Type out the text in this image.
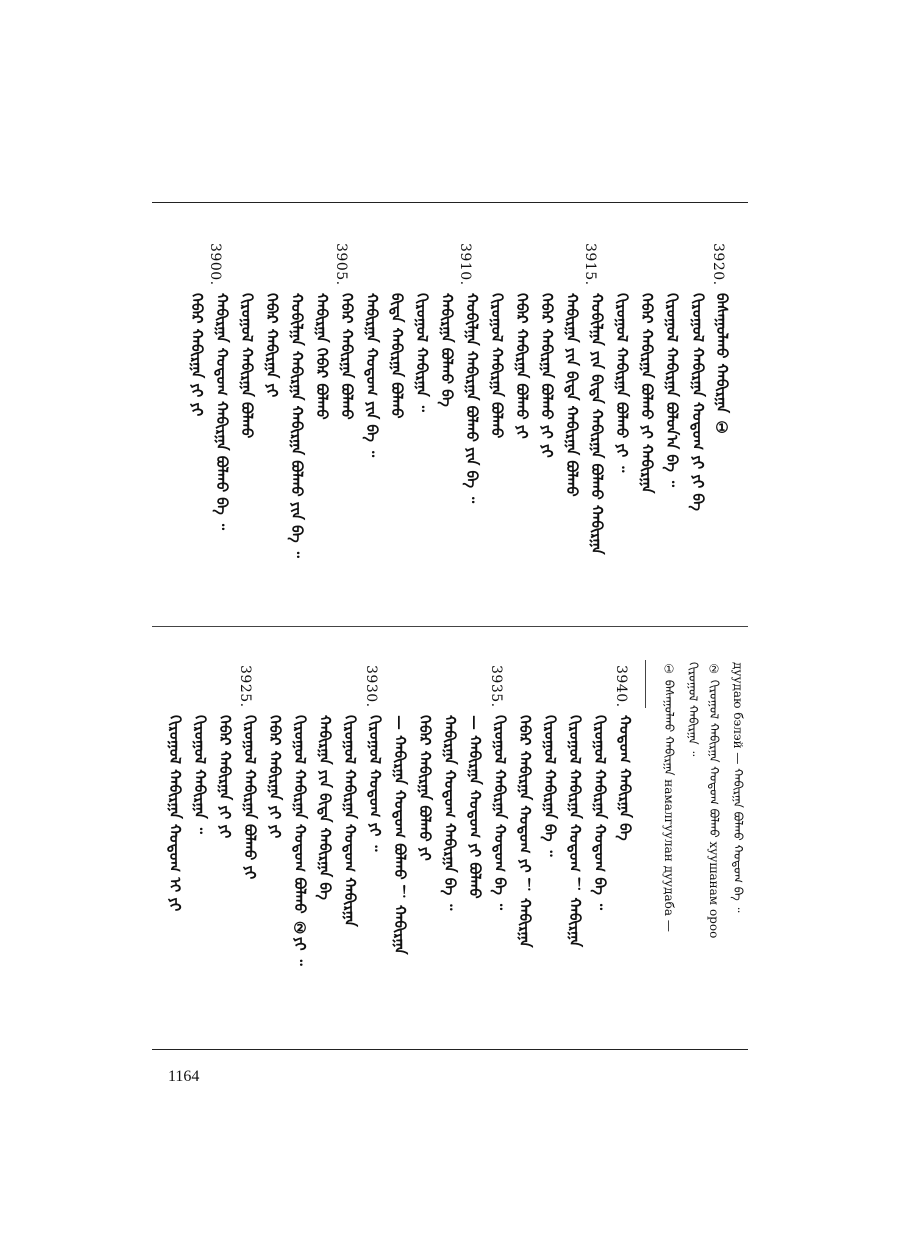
3920.
3915.
3910.
3905.
3900.
ᠪᠠᠰᠠᠭᠤᠯᠬᠤ ᠬᠠᠪᠢᠷᠭᠠ ①
ᠬᠢᠷᠤᠭᠤᠯ ᠬᠠᠪᠢᠷᠭᠠ ᠬᠤᠳᠤᠭ ᠶᠢ ᠶᠢ ᠪᠡ
ᠬᠢᠷᠤᠭᠤᠯ ᠬᠠᠪᠢᠷᠭᠠ ᠪᠣᠯᠤᠨ᠎ᠠ ᠪᠡ ᠃
ᠬᠡᠪᠡᠷ ᠬᠠᠪᠢᠷᠭᠠ ᠪᠣᠯᠬᠤ ᠶᠢ ᠬᠠᠪᠢᠷᠭᠠ
ᠬᠢᠷᠤᠭᠤᠯ ᠬᠠᠪᠢᠷᠭᠠ ᠪᠣᠯᠬᠤ ᠶᠢ ᠃
ᠬᠤᠪᠢᠯᠭᠠ ᠶᠢᠨ ᠪᠢᠳᠡ ᠬᠠᠪᠢᠷᠭᠠ ᠪᠣᠯᠬᠤ ᠬᠠᠪᠢᠷᠭᠠ
ᠬᠠᠪᠢᠷᠭᠠ ᠶᠢᠨ ᠪᠢᠳᠡ ᠬᠠᠪᠢᠷᠭᠠ ᠪᠣᠯᠬᠤ
ᠬᠡᠪᠡᠷ ᠬᠠᠪᠢᠷᠭᠠ ᠪᠣᠯᠬᠤ ᠶᠢ ᠶᠢ
ᠬᠡᠪᠡᠷ ᠬᠠᠪᠢᠷᠭᠠ ᠪᠣᠯᠬᠤ ᠶᠢ
ᠬᠢᠷᠤᠭᠤᠯ ᠬᠠᠪᠢᠷᠭᠠ ᠪᠣᠯᠬᠤ
ᠬᠤᠪᠢᠯᠭᠠ ᠬᠠᠪᠢᠷᠭᠠ ᠪᠣᠯᠬᠤ ᠶᠢᠨ ᠪᠡ ᠃
ᠬᠠᠪᠢᠷᠭᠠ ᠪᠣᠯᠬᠤ ᠪᠡ
ᠬᠢᠷᠤᠭᠤᠯ ᠬᠠᠪᠢᠷᠭᠠ ᠃
ᠪᠢᠳᠡ ᠬᠠᠪᠢᠷᠭᠠ ᠪᠣᠯᠬᠤ
ᠬᠠᠪᠢᠷᠭᠠ ᠬᠤᠳᠤᠭ ᠶᠢᠨ ᠪᠡ ᠃
ᠬᠡᠪᠡᠷ ᠬᠠᠪᠢᠷᠭᠠ ᠪᠣᠯᠬᠤ
ᠬᠠᠪᠢᠷᠭᠠ ᠬᠡᠪᠡᠷ ᠪᠣᠯᠬᠤ
ᠬᠤᠪᠢᠯᠭᠠ ᠬᠠᠪᠢᠷᠭᠠ ᠬᠠᠪᠢᠷᠭᠠ ᠪᠣᠯᠬᠤ ᠶᠢᠨ ᠪᠡ ᠃
ᠬᠡᠪᠡᠷ ᠬᠠᠪᠢᠷᠭᠠ ᠶᠢ
ᠬᠢᠷᠤᠭᠤᠯ ᠬᠠᠪᠢᠷᠭᠠ ᠪᠣᠯᠬᠤ
ᠬᠠᠪᠢᠷᠭᠠ ᠬᠤᠳᠤᠭ ᠬᠠᠪᠢᠷᠭᠠ ᠪᠣᠯᠬᠤ ᠪᠡ ᠃
ᠬᠡᠪᠡᠷ ᠬᠠᠪᠢᠷᠭᠠ ᠶᠢ ᠶᠢ
дуудаю бэлэй — ᠬᠠᠪᠢᠷᠭᠠ ᠪᠣᠯᠬᠤ ᠬᠤᠳᠤᠭ ᠪᠡ ᠃
② ᠬᠢᠷᠤᠭᠤᠯ ᠬᠠᠪᠢᠷᠭᠠ ᠬᠤᠳᠤᠭ ᠪᠣᠯᠬᠤ хуушанам ороо
ᠬᠢᠷᠤᠭᠤᠯ ᠬᠠᠪᠢᠷᠭᠠ ᠃
① ᠪᠠᠰᠠᠭᠤᠯᠬᠤ ᠬᠠᠪᠢᠷᠭᠠ намалгуулан дуудаба —
3940.
3935.
3930.
3925.
ᠬᠤᠳᠤᠭ ᠬᠠᠪᠢᠷᠭᠠ ᠪᠡ
ᠬᠢᠷᠤᠭᠤᠯ ᠬᠠᠪᠢᠷᠭᠠ ᠬᠤᠳᠤᠭ ᠪᠡ ᠃
ᠬᠢᠷᠤᠭᠤᠯ ᠬᠠᠪᠢᠷᠭᠠ ᠬᠤᠳᠤᠭ ！ ᠬᠠᠪᠢᠷᠭᠠ
ᠬᠢᠷᠤᠭᠤᠯ ᠬᠠᠪᠢᠷᠭᠠ ᠪᠡ ᠃
ᠬᠡᠪᠡᠷ ᠬᠠᠪᠢᠷᠭᠠ ᠬᠤᠳᠤᠭ ᠶᠢ ！ ᠬᠠᠪᠢᠷᠭᠠ
ᠬᠢᠷᠤᠭᠤᠯ ᠬᠠᠪᠢᠷᠭᠠ ᠬᠤᠳᠤᠭ ᠪᠡ ᠃
— ᠬᠠᠪᠢᠷᠭᠠ ᠬᠤᠳᠤᠭ ᠶᠢ ᠪᠣᠯᠬᠤ
ᠬᠠᠪᠢᠷᠭᠠ ᠬᠤᠳᠤᠭ ᠬᠠᠪᠢᠷᠭᠠ ᠪᠡ ᠃
ᠬᠡᠪᠡᠷ ᠬᠠᠪᠢᠷᠭᠠ ᠪᠣᠯᠬᠤ ᠶᠢ
— ᠬᠠᠪᠢᠷᠭᠠ ᠬᠤᠳᠤᠭ ᠪᠣᠯᠬᠤ ！ ᠬᠠᠪᠢᠷᠭᠠ
ᠬᠢᠷᠤᠭᠤᠯ ᠬᠤᠳᠤᠭ ᠶᠢ ᠃
ᠬᠢᠷᠤᠭᠤᠯ ᠬᠠᠪᠢᠷᠭᠠ ᠬᠤᠳᠤᠭ ᠬᠠᠪᠢᠷᠭᠠ
ᠬᠠᠪᠢᠷᠭᠠ ᠶᠢᠨ ᠪᠢᠳᠡ ᠬᠠᠪᠢᠷᠭᠠ ᠪᠡ
ᠬᠢᠷᠤᠭᠤᠯ ᠬᠠᠪᠢᠷᠭᠠ ᠬᠤᠳᠤᠭ ᠪᠣᠯᠬᠤ ②ᠶᠢ ᠃
ᠬᠡᠪᠡᠷ ᠬᠠᠪᠢᠷᠭᠠ ᠶᠢ ᠶᠢ
ᠬᠢᠷᠤᠭᠤᠯ ᠬᠠᠪᠢᠷᠭᠠ ᠪᠣᠯᠬᠤ ᠶᠢ
ᠬᠡᠪᠡᠷ ᠬᠠᠪᠢᠷᠭᠠ ᠶᠢ ᠶᠢ
ᠬᠢᠷᠤᠭᠤᠯ ᠬᠠᠪᠢᠷᠭᠠ ᠃
ᠬᠢᠷᠤᠭᠤᠯ ᠬᠠᠪᠢᠷᠭᠠ ᠬᠤᠳᠤᠭ ᠢ ᠶᠢ
1164
